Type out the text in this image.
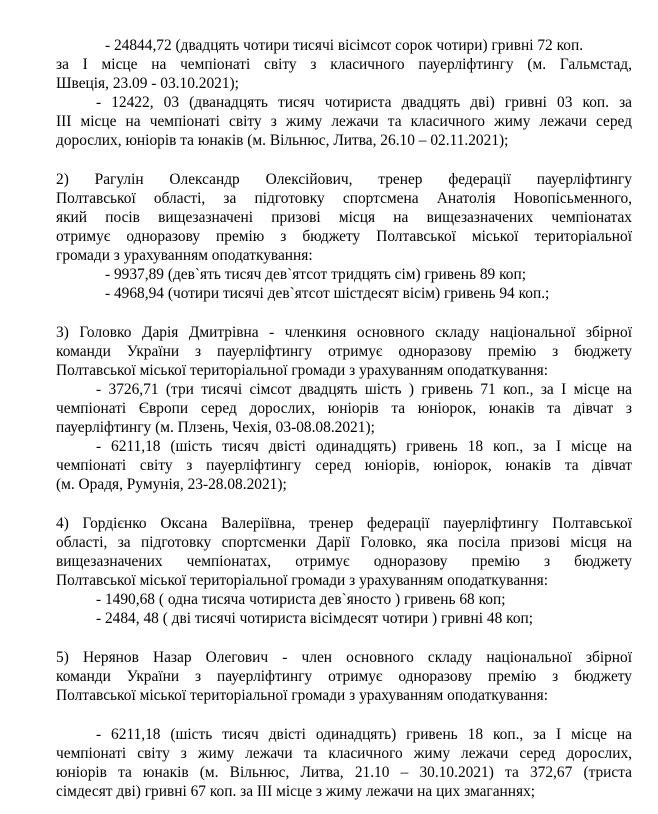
- 24844,72 (двадцять чотири тисячі вісімсот сорок чотири) гривні 72 коп.
за І місце на чемпіонаті світу з класичного пауерліфтингу (м. Гальмстад,
Швеція, 23.09 - 03.10.2021);
- 12422, 03 (дванадцять тисяч чотириста двадцять дві) гривні 03 коп. за
ІІІ місце на чемпіонаті світу з жиму лежачи та класичного жиму лежачи серед
дорослих, юніорів та юнаків (м. Вільнюс, Литва, 26.10 – 02.11.2021);
2) Рагулін Олександр Олексійович, тренер федерації пауерліфтингу
Полтавської області, за підготовку спортсмена Анатолія Новопісьменного,
який посів вищезазначені призові місця на вищезазначених чемпіонатах
отримує одноразову премію з бюджету Полтавської міської територіальної
громади з урахуванням оподаткування:
- 9937,89 (дев`ять тисяч дев`ятсот тридцять сім) гривень 89 коп;
- 4968,94 (чотири тисячі дев`ятсот шістдесят вісім) гривень 94 коп.;
3) Головко Дарія Дмитрівна - членкиня основного складу національної збірної
команди України з пауерліфтингу отримує одноразову премію з бюджету
Полтавської міської територіальної громади з урахуванням оподаткування:
- 3726,71 (три тисячі сімсот двадцять шість ) гривень 71 коп., за І місце на
чемпіонаті Європи серед дорослих, юніорів та юніорок, юнаків та дівчат з
пауерліфтингу (м. Плзень, Чехія, 03-08.08.2021);
- 6211,18 (шість тисяч двісті одинадцять) гривень 18 коп., за І місце на
чемпіонаті світу з пауерліфтингу серед юніорів, юніорок, юнаків та дівчат
(м. Орадя, Румунія, 23-28.08.2021);
4) Гордієнко Оксана Валеріївна, тренер федерації пауерліфтингу Полтавської
області, за підготовку спортсменки Дарії Головко, яка посіла призові місця на
вищезазначених чемпіонатах, отримує одноразову премію з бюджету
Полтавської міської територіальної громади з урахуванням оподаткування:
- 1490,68 ( одна тисяча чотириста дев`яносто ) гривень 68 коп;
- 2484, 48 ( дві тисячі чотириста вісімдесят чотири ) гривні 48 коп;
5) Нерянов Назар Олегович - член основного складу національної збірної
команди України з пауерліфтингу отримує одноразову премію з бюджету
Полтавської міської територіальної громади з урахуванням оподаткування:
- 6211,18 (шість тисяч двісті одинадцять) гривень 18 коп., за І місце на
чемпіонаті світу з жиму лежачи та класичного жиму лежачи серед дорослих,
юніорів та юнаків (м. Вільнюс, Литва, 21.10 – 30.10.2021) та 372,67 (триста
сімдесят дві) гривні 67 коп. за ІІІ місце з жиму лежачи на цих змаганнях;
